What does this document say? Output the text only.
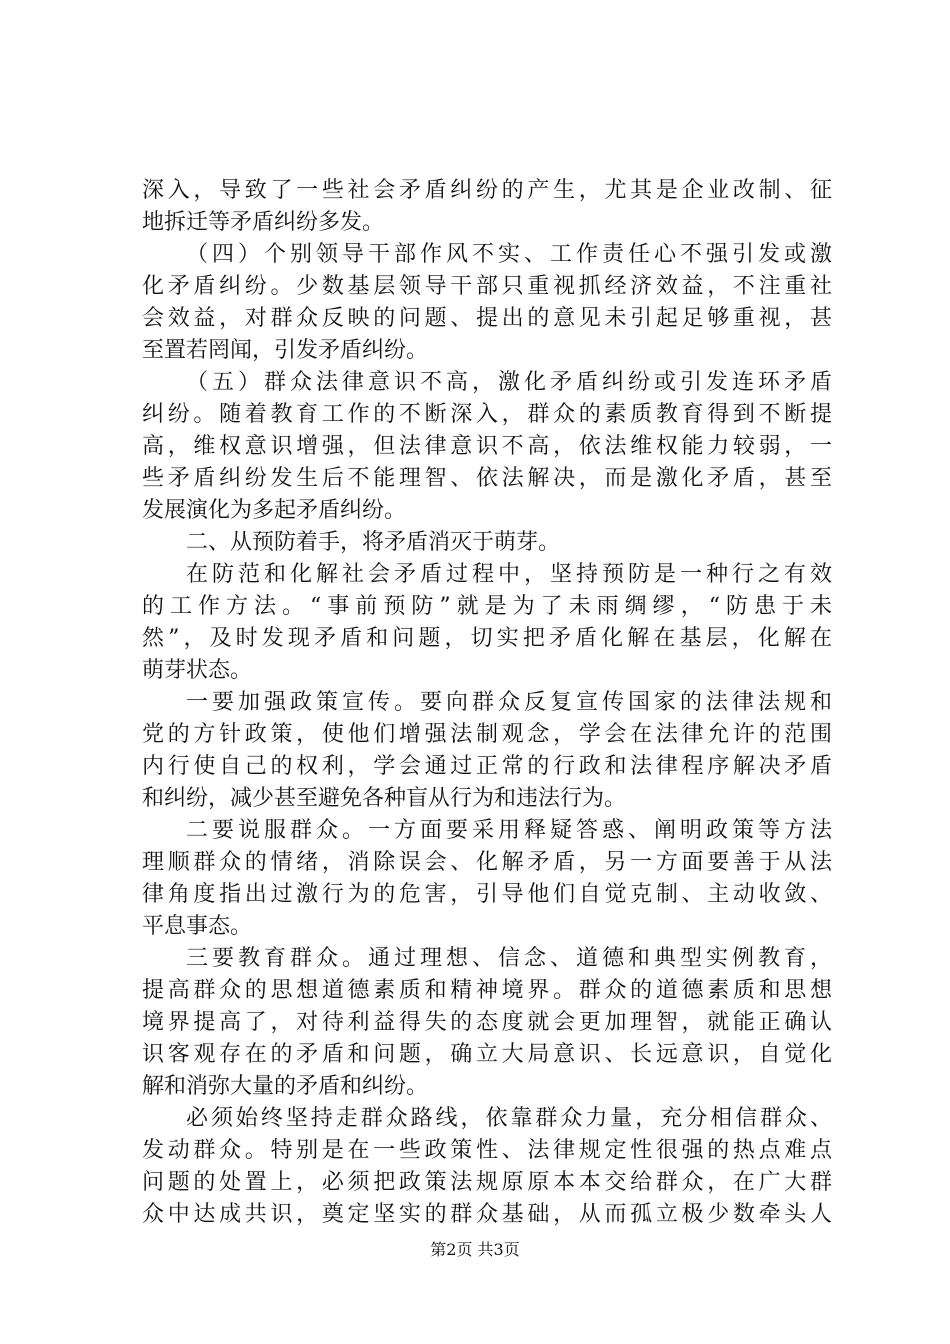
深入，导致了一些社会矛盾纠纷的产生，尤其是企业改制、征
地拆迁等矛盾纠纷多发。
（四）个别领导干部作风不实、工作责任心不强引发或激
化矛盾纠纷。少数基层领导干部只重视抓经济效益，不注重社
会效益，对群众反映的问题、提出的意见未引起足够重视，甚
至置若罔闻，引发矛盾纠纷。
（五）群众法律意识不高，激化矛盾纠纷或引发连环矛盾
纠纷。随着教育工作的不断深入，群众的素质教育得到不断提
高，维权意识增强，但法律意识不高，依法维权能力较弱，一
些矛盾纠纷发生后不能理智、依法解决，而是激化矛盾，甚至
发展演化为多起矛盾纠纷。
二、从预防着手，将矛盾消灭于萌芽。
在防范和化解社会矛盾过程中，坚持预防是一种行之有效
的工作方法。“事前预防”就是为了未雨绸缪，“防患于未
然”，及时发现矛盾和问题，切实把矛盾化解在基层，化解在
萌芽状态。
一要加强政策宣传。要向群众反复宣传国家的法律法规和
党的方针政策，使他们增强法制观念，学会在法律允许的范围
内行使自己的权利，学会通过正常的行政和法律程序解决矛盾
和纠纷，减少甚至避免各种盲从行为和违法行为。
二要说服群众。一方面要采用释疑答惑、阐明政策等方法
理顺群众的情绪，消除误会、化解矛盾，另一方面要善于从法
律角度指出过激行为的危害，引导他们自觉克制、主动收敛、
平息事态。
三要教育群众。通过理想、信念、道德和典型实例教育，
提高群众的思想道德素质和精神境界。群众的道德素质和思想
境界提高了，对待利益得失的态度就会更加理智，就能正确认
识客观存在的矛盾和问题，确立大局意识、长远意识，自觉化
解和消弥大量的矛盾和纠纷。
必须始终坚持走群众路线，依靠群众力量，充分相信群众、
发动群众。特别是在一些政策性、法律规定性很强的热点难点
问题的处置上，必须把政策法规原原本本交给群众，在广大群
众中达成共识，奠定坚实的群众基础，从而孤立极少数牵头人
第2页 共3页
